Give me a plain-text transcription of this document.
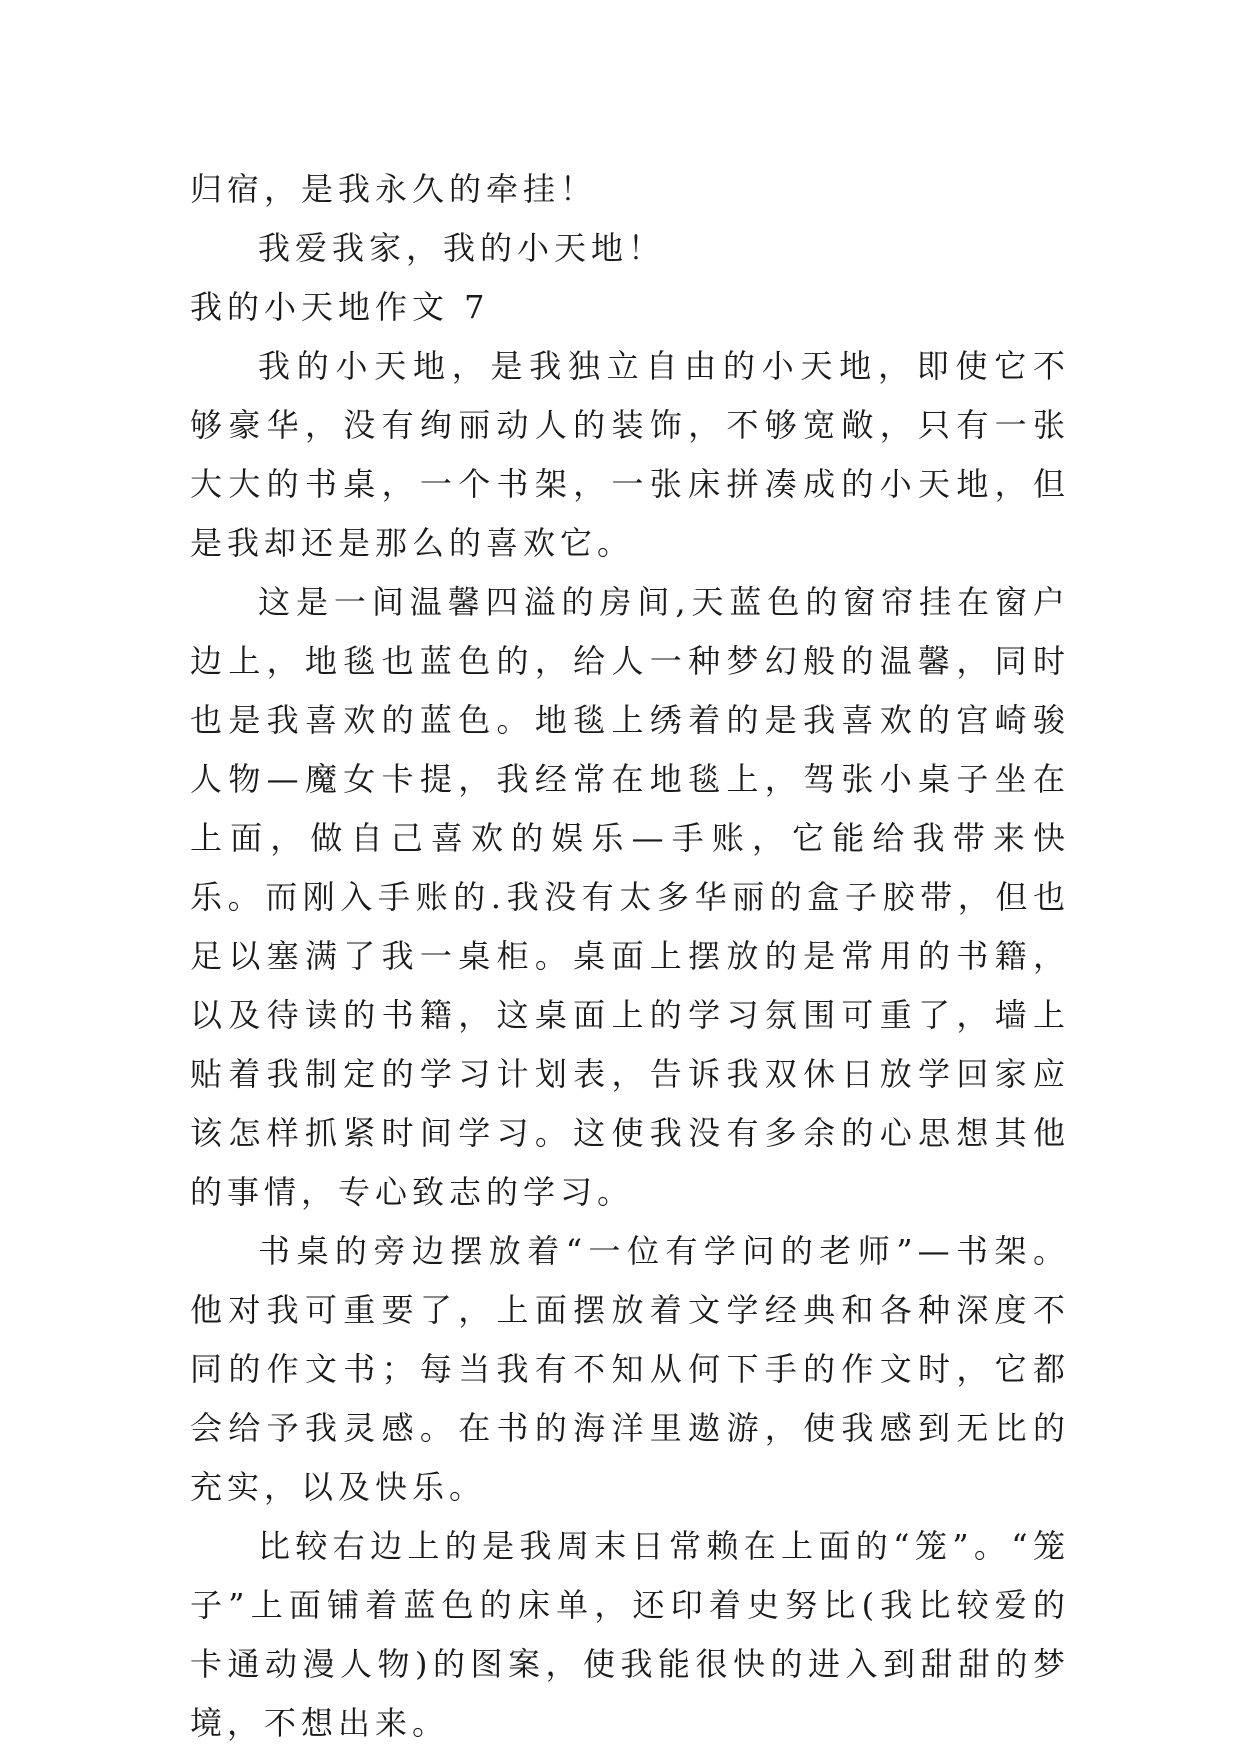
归宿，是我永久的牵挂！

我爱我家，我的小天地！

我的小天地作文 7

我的小天地，是我独立自由的小天地，即使它不够豪华，没有绚丽动人的装饰，不够宽敞，只有一张大大的书桌，一个书架，一张床拼凑成的小天地，但是我却还是那么的喜欢它。

这是一间温馨四溢的房间,天蓝色的窗帘挂在窗户边上，地毯也蓝色的，给人一种梦幻般的温馨，同时也是我喜欢的蓝色。地毯上绣着的是我喜欢的宫崎骏人物—魔女卡提，我经常在地毯上，驾张小桌子坐在上面，做自己喜欢的娱乐—手账，它能给我带来快乐。而刚入手账的.我没有太多华丽的盒子胶带，但也足以塞满了我一桌柜。桌面上摆放的是常用的书籍，以及待读的书籍，这桌面上的学习氛围可重了，墙上贴着我制定的学习计划表，告诉我双休日放学回家应该怎样抓紧时间学习。这使我没有多余的心思想其他的事情，专心致志的学习。

书桌的旁边摆放着“一位有学问的老师”—书架。他对我可重要了，上面摆放着文学经典和各种深度不同的作文书；每当我有不知从何下手的作文时，它都会给予我灵感。在书的海洋里遨游，使我感到无比的充实，以及快乐。

比较右边上的是我周末日常赖在上面的“笼”。“笼子”上面铺着蓝色的床单，还印着史努比(我比较爱的卡通动漫人物)的图案，使我能很快的进入到甜甜的梦境，不想出来。
